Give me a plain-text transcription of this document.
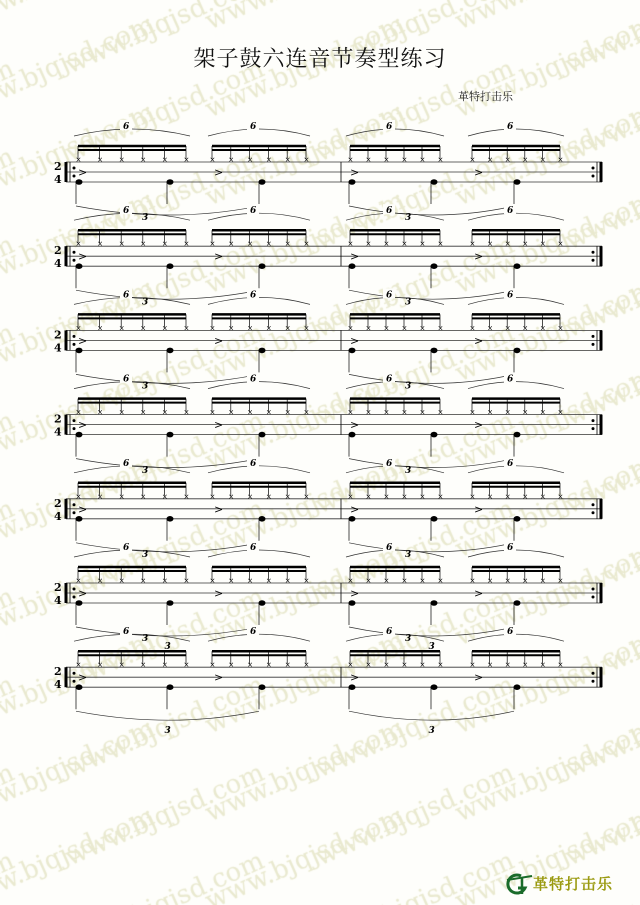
架子鼓六连音节奏型练习
革特打击乐
2
4
× × × × × ×
6
>
× × × × × ×
6
>
× × × × × ×
6
>
× × × × × ×
6
>
2
4
× × × × × ×
6
3
>
× × × × × ×
6
>
× × × × × ×
6
3
>
× × × × × ×
6
>
2
4
× × × × × ×
6
3
>
× × × × × ×
6
>
× × × × × ×
6
3
>
× × × × × ×
6
>
2
4
× × × × × ×
6
3
>
× × × × × ×
6
>
× × × × × ×
6
3
>
× × × × × ×
6
>
2
4
× × × × × ×
6
3
>
× × × × × ×
6
>
× × × × × ×
6
3
>
× × × × × ×
6
>
2
4
× × × × × ×
6
3
>
× × × × × ×
6
>
× × × × × ×
6
3
>
× × × × × ×
6
>
3	3
2
4
× × × × × ×
6
3
>
× × × × × ×
6
>
× × × × × ×
6
3
>
× × × × × ×
6
>
3	3
革特打击乐
